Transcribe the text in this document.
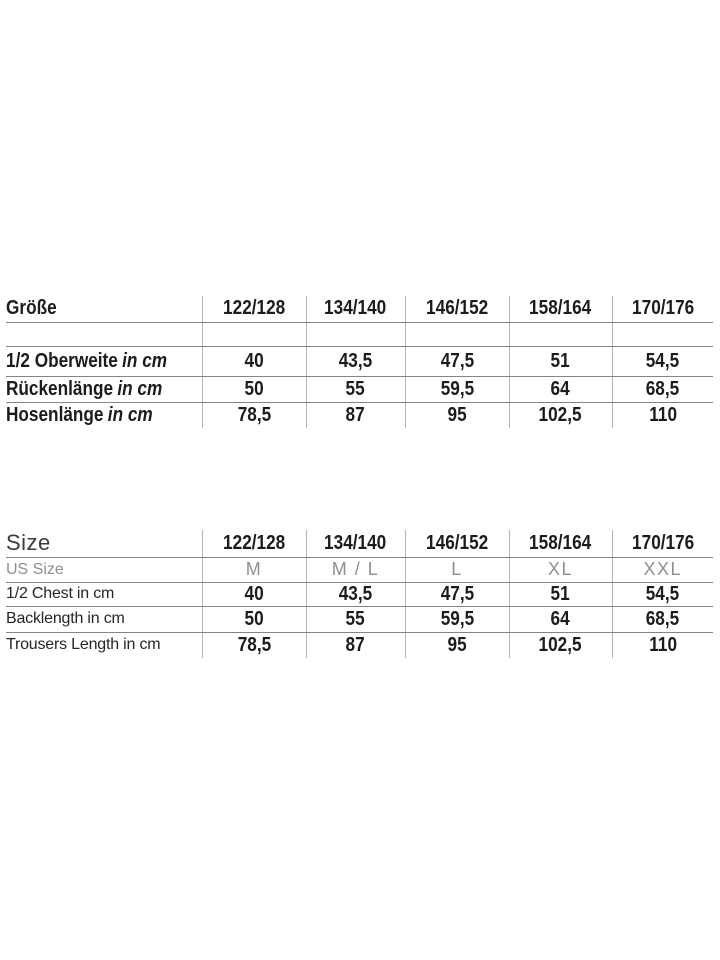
Größe	122/128	134/140	146/152	158/164	170/176

1/2 Oberweite in cm	40	43,5	47,5	51	54,5
Rückenlänge in cm	50	55	59,5	64	68,5
Hosenlänge in cm	78,5	87	95	102,5	110
Size	122/128	134/140	146/152	158/164	170/176
US Size	M	M / L	L	XL	XXL
1/2 Chest in cm	40	43,5	47,5	51	54,5
Backlength in cm	50	55	59,5	64	68,5
Trousers Length in cm	78,5	87	95	102,5	110
